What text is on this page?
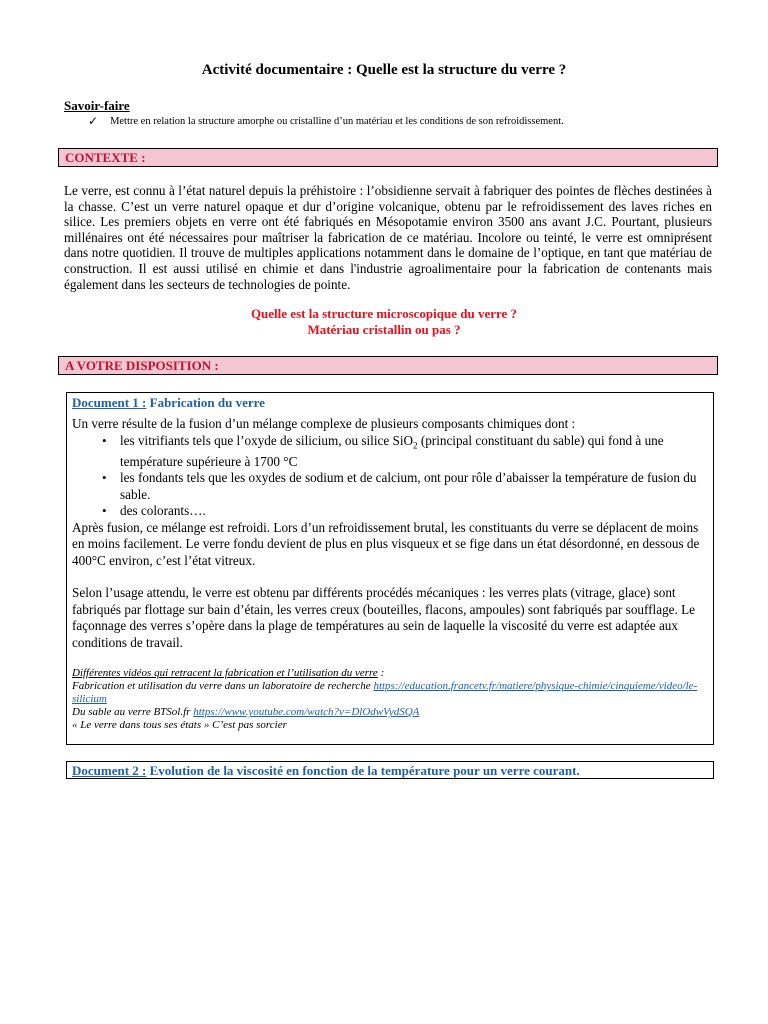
Activité documentaire : Quelle est la structure du verre ?
Savoir-faire
✓ Mettre en relation la structure amorphe ou cristalline d’un matériau et les conditions de son refroidissement.
CONTEXTE :

Le verre, est connu à l’état naturel depuis la préhistoire : l’obsidienne servait à fabriquer des pointes de flèches destinées à la chasse. C’est un verre naturel opaque et dur d’origine volcanique, obtenu par le refroidissement des laves riches en silice. Les premiers objets en verre ont été fabriqués en Mésopotamie environ 3500 ans avant J.C. Pourtant, plusieurs millénaires ont été nécessaires pour maîtriser la fabrication de ce matériau. Incolore ou teinté, le verre est omniprésent dans notre quotidien. Il trouve de multiples applications notamment dans le domaine de l’optique, en tant que matériau de construction. Il est aussi utilisé en chimie et dans l'industrie agroalimentaire pour la fabrication de contenants mais également dans les secteurs de technologies de pointe.

Quelle est la structure microscopique du verre ?
Matériau cristallin ou pas ?
A VOTRE DISPOSITION :
Document 1 : Fabrication du verre

Un verre résulte de la fusion d’un mélange complexe de plusieurs composants chimiques dont :

• les vitrifiants tels que l’oxyde de silicium, ou silice SiO$_2$ (principal constituant du sable) qui fond à une température supérieure à 1700 °C
• les fondants tels que les oxydes de sodium et de calcium, ont pour rôle d’abaisser la température de fusion du sable.
• des colorants….

Après fusion, ce mélange est refroidi. Lors d’un refroidissement brutal, les constituants du verre se déplacent de moins en moins facilement. Le verre fondu devient de plus en plus visqueux et se fige dans un état désordonné, en dessous de 400°C environ, c’est l’état vitreux.

Selon l’usage attendu, le verre est obtenu par différents procédés mécaniques : les verres plats (vitrage, glace) sont fabriqués par flottage sur bain d’étain, les verres creux (bouteilles, flacons, ampoules) sont fabriqués par soufflage. Le façonnage des verres s’opère dans la plage de températures au sein de laquelle la viscosité du verre est adaptée aux conditions de travail.

Différentes vidéos qui retracent la fabrication et l’utilisation du verre :

Fabrication et utilisation du verre dans un laboratoire de recherche https://education.francetv.fr/matiere/physique-chimie/cinquieme/video/le-silicium

Du sable au verre BTSol.fr https://www.youtube.com/watch?v=DlOdwVydSQA

« Le verre dans tous ses états » C’est pas sorcier

Document 2 : Evolution de la viscosité en fonction de la température pour un verre courant.
